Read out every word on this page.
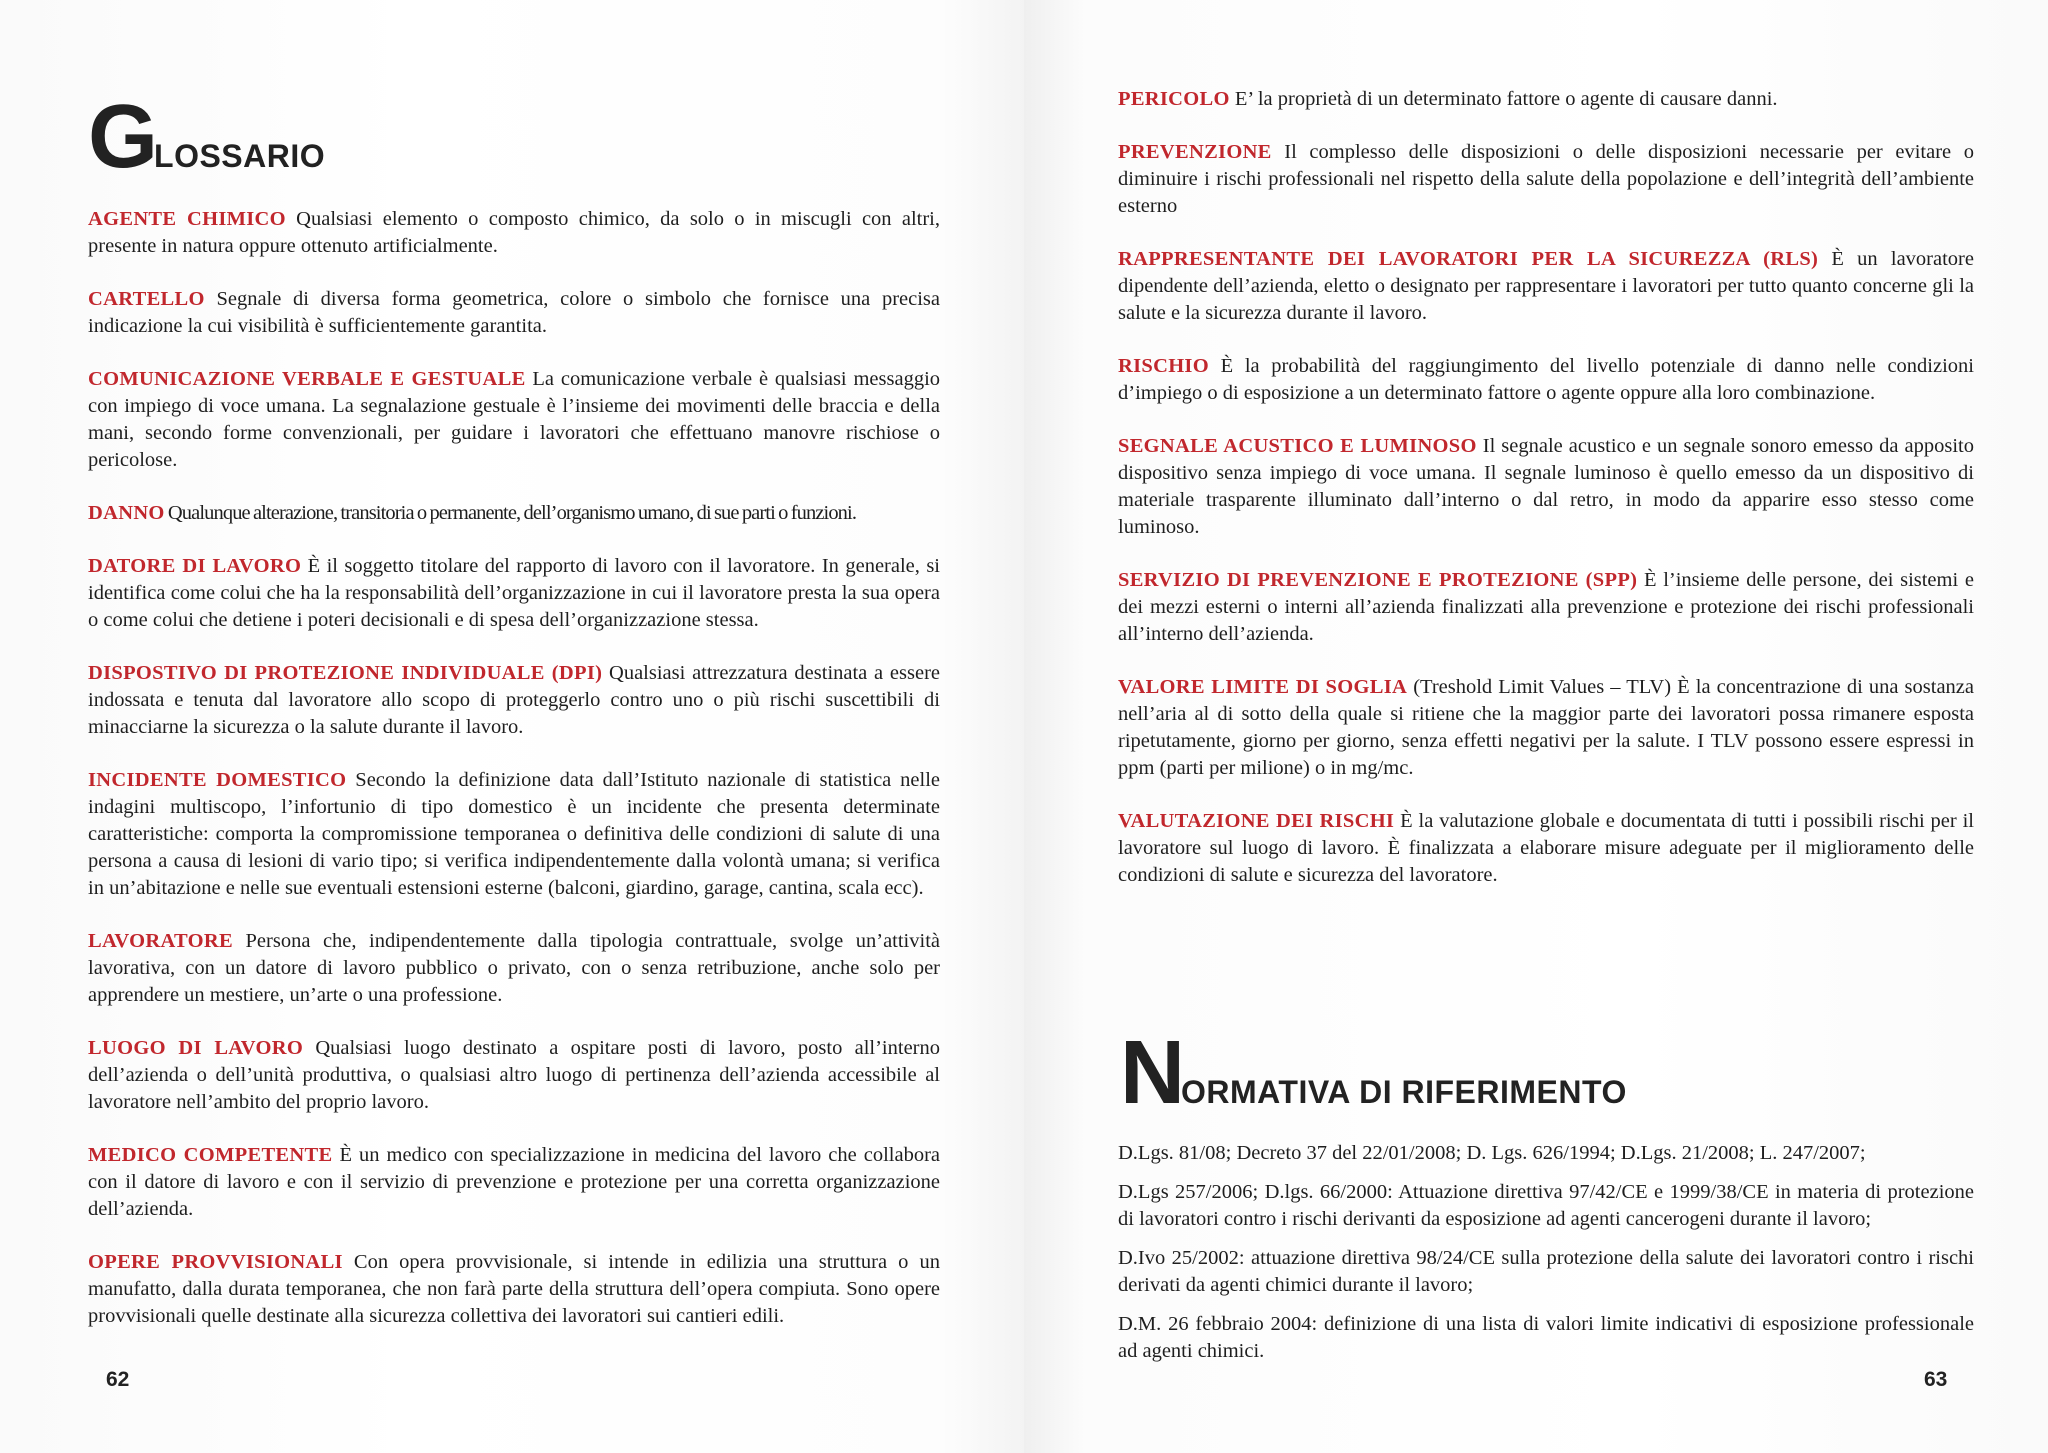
GLOSSARIO

AGENTE CHIMICO Qualsiasi elemento o composto chimico, da solo o in miscugli con altri, presente in natura oppure ottenuto artificialmente.

CARTELLO Segnale di diversa forma geometrica, colore o simbolo che fornisce una precisa indicazione la cui visibilità è sufficientemente garantita.

COMUNICAZIONE VERBALE E GESTUALE La comunicazione verbale è qualsiasi messaggio con impiego di voce umana. La segnalazione gestuale è l’insieme dei movimenti delle braccia e della mani, secondo forme convenzionali, per guidare i lavoratori che effettuano manovre rischiose o pericolose.

DANNO Qualunque alterazione, transitoria o permanente, dell’organismo umano, di sue parti o funzioni.

DATORE DI LAVORO È il soggetto titolare del rapporto di lavoro con il lavoratore. In generale, si identifica come colui che ha la responsabilità dell’organizzazione in cui il lavoratore presta la sua opera o come colui che detiene i poteri decisionali e di spesa dell’organizzazione stessa.

DISPOSTIVO DI PROTEZIONE INDIVIDUALE (DPI) Qualsiasi attrezzatura destinata a essere indossata e tenuta dal lavoratore allo scopo di proteggerlo contro uno o più rischi suscettibili di minacciarne la sicurezza o la salute durante il lavoro.

INCIDENTE DOMESTICO Secondo la definizione data dall’Istituto nazionale di statistica nelle indagini multiscopo, l’infortunio di tipo domestico è un incidente che presenta determinate caratteristiche: comporta la compromissione temporanea o definitiva delle condizioni di salute di una persona a causa di lesioni di vario tipo; si verifica indipendentemente dalla volontà umana; si verifica in un’abitazione e nelle sue eventuali estensioni esterne (balconi, giardino, garage, cantina, scala ecc).

LAVORATORE Persona che, indipendentemente dalla tipologia contrattuale, svolge un’attività lavorativa, con un datore di lavoro pubblico o privato, con o senza retribuzione, anche solo per apprendere un mestiere, un’arte o una professione.

LUOGO DI LAVORO Qualsiasi luogo destinato a ospitare posti di lavoro, posto all’interno dell’azienda o dell’unità produttiva, o qualsiasi altro luogo di pertinenza dell’azienda accessibile al lavoratore nell’ambito del proprio lavoro.

MEDICO COMPETENTE È un medico con specializzazione in medicina del lavoro che collabora con il datore di lavoro e con il servizio di prevenzione e protezione per una corretta organizzazione dell’azienda.

OPERE PROVVISIONALI Con opera provvisionale, si intende in edilizia una struttura o un manufatto, dalla durata temporanea, che non farà parte della struttura dell’opera compiuta. Sono opere provvisionali quelle destinate alla sicurezza collettiva dei lavoratori sui cantieri edili.

62	63

PERICOLO E’ la proprietà di un determinato fattore o agente di causare danni.

PREVENZIONE Il complesso delle disposizioni o delle disposizioni necessarie per evitare o diminuire i rischi professionali nel rispetto della salute della popolazione e dell’integrità dell’ambiente esterno

RAPPRESENTANTE DEI LAVORATORI PER LA SICUREZZA (RLS) È un lavoratore dipendente dell’azienda, eletto o designato per rappresentare i lavoratori per tutto quanto concerne gli la salute e la sicurezza durante il lavoro.

RISCHIO È la probabilità del raggiungimento del livello potenziale di danno nelle condizioni d’impiego o di esposizione a un determinato fattore o agente oppure alla loro combinazione.

SEGNALE ACUSTICO E LUMINOSO Il segnale acustico e un segnale sonoro emesso da apposito dispositivo senza impiego di voce umana. Il segnale luminoso è quello emesso da un dispositivo di materiale trasparente illuminato dall’interno o dal retro, in modo da apparire esso stesso come luminoso.

SERVIZIO DI PREVENZIONE E PROTEZIONE (SPP) È l’insieme delle persone, dei sistemi e dei mezzi esterni o interni all’azienda finalizzati alla prevenzione e protezione dei rischi professionali all’interno dell’azienda.

VALORE LIMITE DI SOGLIA (Treshold Limit Values – TLV) È la concentrazione di una sostanza nell’aria al di sotto della quale si ritiene che la maggior parte dei lavoratori possa rimanere esposta ripetutamente, giorno per giorno, senza effetti negativi per la salute. I TLV possono essere espressi in ppm (parti per milione) o in mg/mc.

VALUTAZIONE DEI RISCHI È la valutazione globale e documentata di tutti i possibili rischi per il lavoratore sul luogo di lavoro. È finalizzata a elaborare misure adeguate per il miglioramento delle condizioni di salute e sicurezza del lavoratore.

NORMATIVA DI RIFERIMENTO

D.Lgs. 81/08; Decreto 37 del 22/01/2008; D. Lgs. 626/1994; D.Lgs. 21/2008; L. 247/2007;

D.Lgs 257/2006; D.lgs. 66/2000: Attuazione direttiva 97/42/CE e 1999/38/CE in materia di protezione di lavoratori contro i rischi derivanti da esposizione ad agenti cancerogeni durante il lavoro;

D.Ivo 25/2002: attuazione direttiva 98/24/CE sulla protezione della salute dei lavoratori contro i rischi derivati da agenti chimici durante il lavoro;

D.M. 26 febbraio 2004: definizione di una lista di valori limite indicativi di esposizione professionale ad agenti chimici.
